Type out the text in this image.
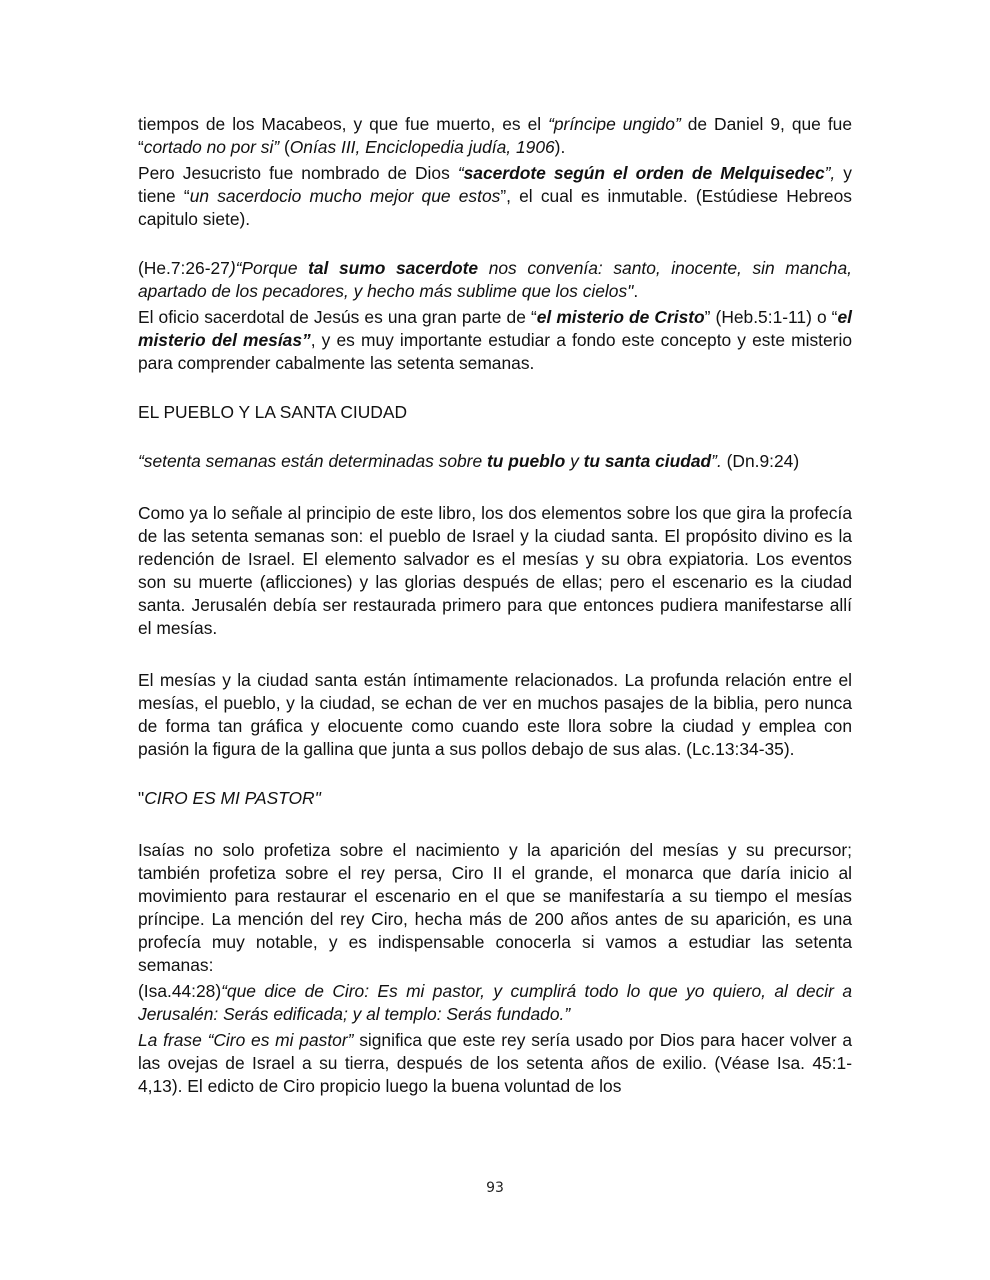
tiempos de los Macabeos, y que fue muerto, es el “príncipe ungido” de Daniel 9, que fue “cortado no por si” (Onías III, Enciclopedia judía, 1906).

Pero Jesucristo fue nombrado de Dios “sacerdote según el orden de Melquisedec”, y tiene “un sacerdocio mucho mejor que estos”, el cual es inmutable. (Estúdiese Hebreos capitulo siete).

(He.7:26-27)“Porque tal sumo sacerdote nos convenía: santo, inocente, sin mancha, apartado de los pecadores, y hecho más sublime que los cielos".

El oficio sacerdotal de Jesús es una gran parte de “el misterio de Cristo” (Heb.5:1-11) o “el misterio del mesías”, y es muy importante estudiar a fondo este concepto y este misterio para comprender cabalmente las setenta semanas.

EL PUEBLO Y LA SANTA CIUDAD

“setenta semanas están determinadas sobre tu pueblo y tu santa ciudad”. (Dn.9:24)

Como ya lo señale al principio de este libro, los dos elementos sobre los que gira la profecía de las setenta semanas son: el pueblo de Israel y la ciudad santa. El propósito divino es la redención de Israel. El elemento salvador es el mesías y su obra expiatoria. Los eventos son su muerte (aflicciones) y las glorias después de ellas; pero el escenario es la ciudad santa. Jerusalén debía ser restaurada primero para que entonces pudiera manifestarse allí el mesías.

El mesías y la ciudad santa están íntimamente relacionados. La profunda relación entre el mesías, el pueblo, y la ciudad, se echan de ver en muchos pasajes de la biblia, pero nunca de forma tan gráfica y elocuente como cuando este llora sobre la ciudad y emplea con pasión la figura de la gallina que junta a sus pollos debajo de sus alas. (Lc.13:34-35).

"CIRO ES MI PASTOR"

Isaías no solo profetiza sobre el nacimiento y la aparición del mesías y su precursor; también profetiza sobre el rey persa, Ciro II el grande, el monarca que daría inicio al movimiento para restaurar el escenario en el que se manifestaría a su tiempo el mesías príncipe. La mención del rey Ciro, hecha más de 200 años antes de su aparición, es una profecía muy notable, y es indispensable conocerla si vamos a estudiar las setenta semanas:

(Isa.44:28)“que dice de Ciro: Es mi pastor, y cumplirá todo lo que yo quiero, al decir a Jerusalén: Serás edificada; y al templo: Serás fundado.”

La frase “Ciro es mi pastor” significa que este rey sería usado por Dios para hacer volver a las ovejas de Israel a su tierra, después de los setenta años de exilio. (Véase Isa. 45:1-4,13). El edicto de Ciro propicio luego la buena voluntad de los

93
